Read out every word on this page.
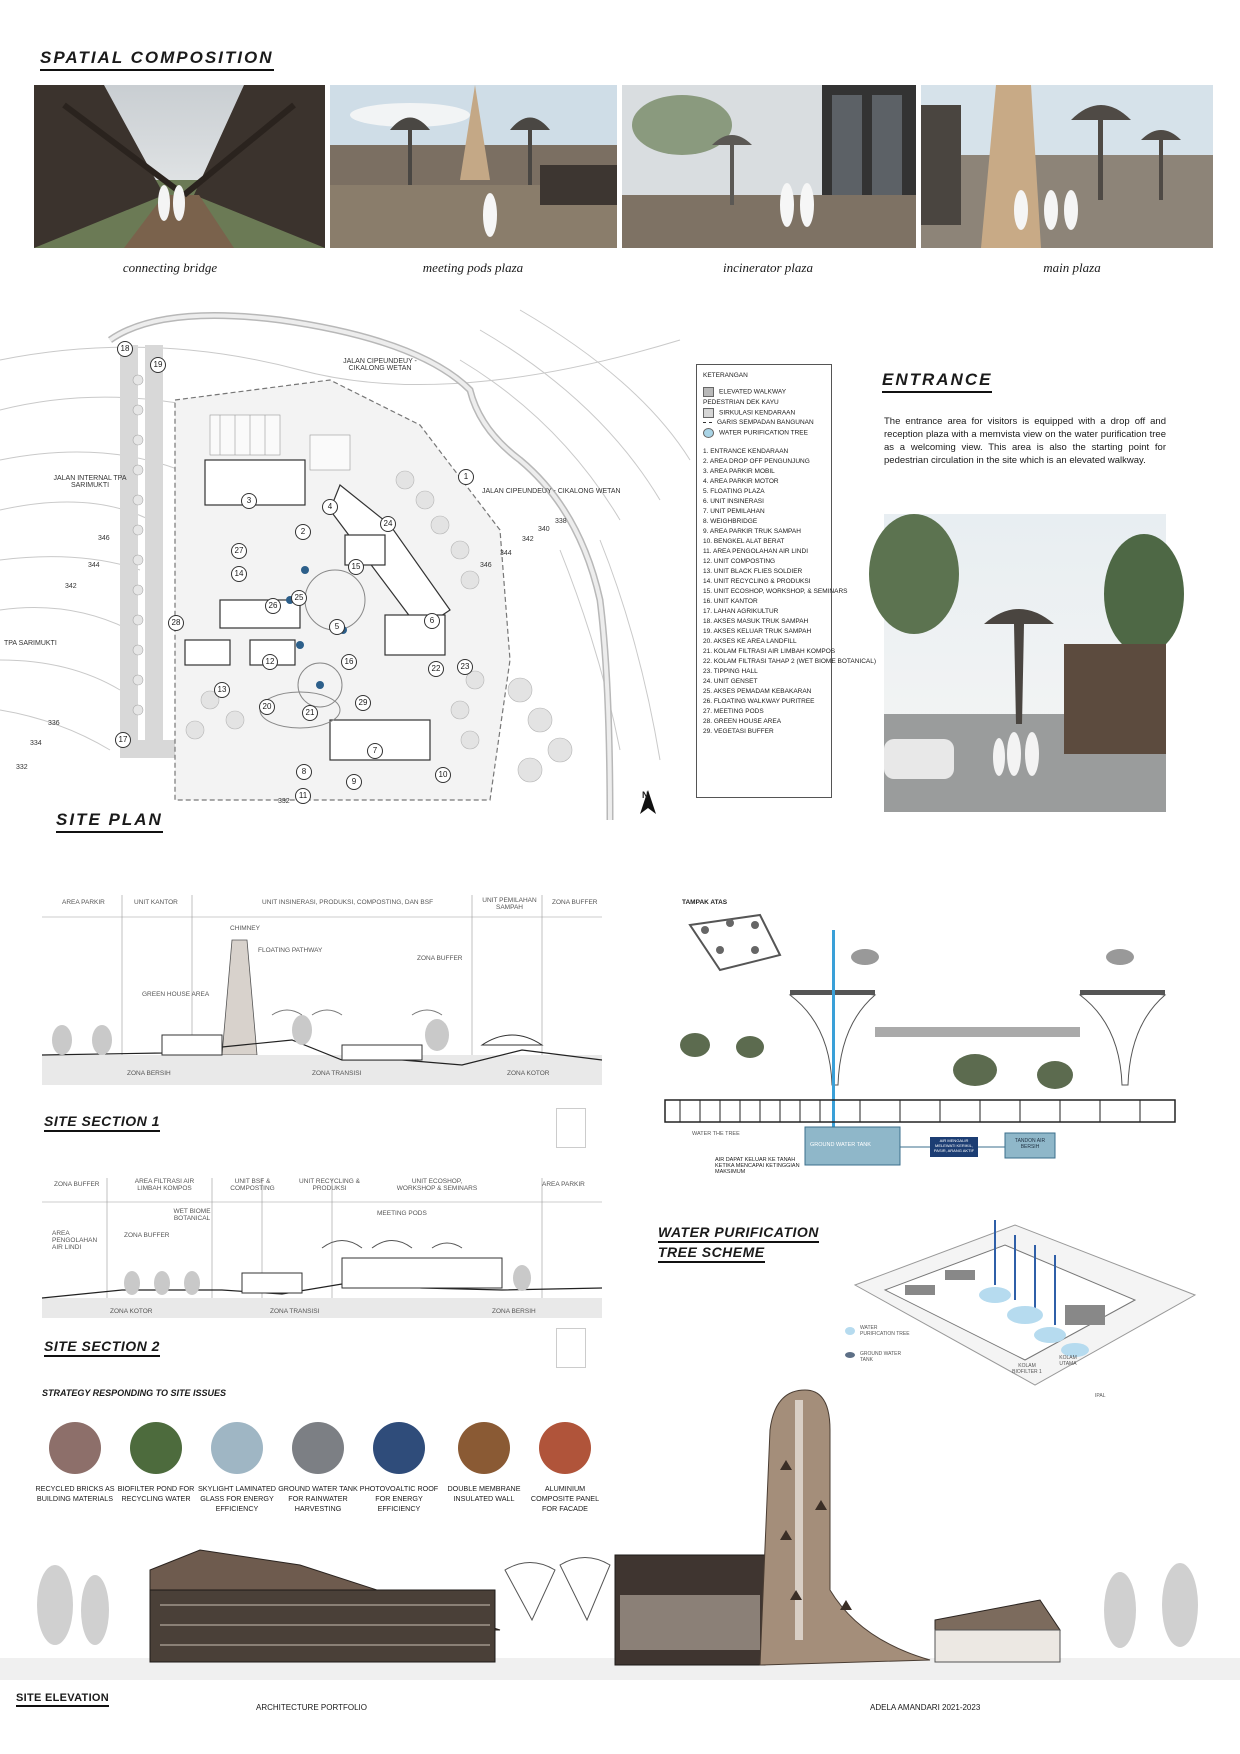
SPATIAL COMPOSITION
connecting bridge	meeting pods plaza	incinerator plaza	main plaza
JALAN CIPEUNDEUY - CIKALONG WETAN
JALAN CIPEUNDEUY - CIKALONG WETAN
JALAN INTERNAL TPA SARIMUKTI
TPA SARIMUKTI
N
346
344
342
336
334
332
338
340
342
344
346
332
SITE PLAN
KETERANGAN
ELEVATED WALKWAY PEDESTRIAN DEK KAYU
SIRKULASI KENDARAAN
GARIS SEMPADAN BANGUNAN
WATER PURIFICATION TREE
1. ENTRANCE KENDARAAN
2. AREA DROP OFF PENGUNJUNG
3. AREA PARKIR MOBIL
4. AREA PARKIR MOTOR
5. FLOATING PLAZA
6. UNIT INSINERASI
7. UNIT PEMILAHAN
8. WEIGHBRIDGE
9. AREA PARKIR TRUK SAMPAH
10. BENGKEL ALAT BERAT
11. AREA PENGOLAHAN AIR LINDI
12. UNIT COMPOSTING
13. UNIT BLACK FLIES SOLDIER
14. UNIT RECYCLING & PRODUKSI
15. UNIT ECOSHOP, WORKSHOP, & SEMINARS
16. UNIT KANTOR
17. LAHAN AGRIKULTUR
18. AKSES MASUK TRUK SAMPAH
19. AKSES KELUAR TRUK SAMPAH
20. AKSES KE AREA LANDFILL
21. KOLAM FILTRASI AIR LIMBAH KOMPOS
22. KOLAM FILTRASI TAHAP 2 (WET BIOME BOTANICAL)
23. TIPPING HALL
24. UNIT GENSET
25. AKSES PEMADAM KEBAKARAN
26. FLOATING WALKWAY PURITREE
27. MEETING PODS
28. GREEN HOUSE AREA
29. VEGETASI BUFFER
ENTRANCE
The entrance area for visitors is equipped with a drop off and reception plaza with a memvista view on the water purification tree as a welcoming view. This area is also the starting point for pedestrian circulation in the site which is an elevated walkway.
AREA PARKIR	UNIT KANTOR	UNIT INSINERASI, PRODUKSI, COMPOSTING, DAN BSF	UNIT PEMILAHAN SAMPAH
ZONA BUFFER
CHIMNEY
FLOATING PATHWAY
ZONA BUFFER
GREEN HOUSE AREA
ZONA BERSIH	ZONA TRANSISI	ZONA KOTOR
SITE SECTION 1
ZONA BUFFER	AREA FILTRASI AIR LIMBAH KOMPOS
UNIT BSF & COMPOSTING
UNIT RECYCLING & PRODUKSI
UNIT ECOSHOP, WORKSHOP & SEMINARS
AREA PARKIR
WET BIOME BOTANICAL
MEETING PODS
AREA PENGOLAHAN AIR LINDI
ZONA BUFFER
ZONA KOTOR	ZONA TRANSISI	ZONA BERSIH
SITE SECTION 2
TAMPAK ATAS
WATER THE TREE
GROUND WATER TANK
AIR MENGALIR MELEWATI KERIKIL, PASIR, ARANG AKTIF
TANDON AIR BERSIH
AIR DAPAT KELUAR KE TANAH KETIKA MENCAPAI KETINGGIAN MAKSIMUM
WATER PURIFICATION
TREE SCHEME
WATER PURIFICATION TREE
GROUND WATER TANK
KOLAM BIOFILTER 1
KOLAM UTAMA
IPAL
STRATEGY RESPONDING TO SITE ISSUES
RECYCLED BRICKS AS BUILDING MATERIALS
BIOFILTER POND FOR RECYCLING WATER
SKYLIGHT LAMINATED GLASS FOR ENERGY EFFICIENCY
GROUND WATER TANK FOR RAINWATER HARVESTING
PHOTOVOALTIC ROOF FOR ENERGY EFFICIENCY
DOUBLE MEMBRANE INSULATED WALL
ALUMINIUM COMPOSITE PANEL FOR FACADE
SITE ELEVATION
ARCHITECTURE PORTFOLIO	ADELA AMANDARI 2021-2023
18
19
1
2
3
4
5
6
7
8
9
10
11
12
13
14
15
16
17
20
21
22	23
24
25
26
27
28
29
